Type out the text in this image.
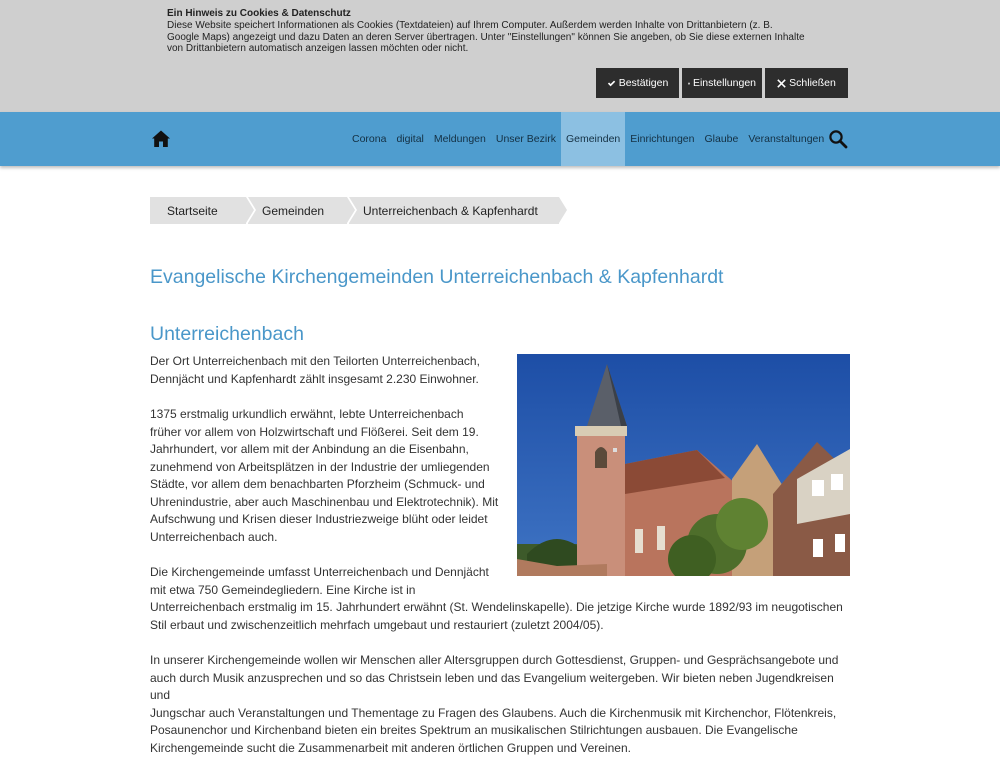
Ein Hinweis zu Cookies & Datenschutz
Diese Website speichert Informationen als Cookies (Textdateien) auf Ihrem Computer. Außerdem werden Inhalte von Drittanbietern (z. B.
Google Maps) angezeigt und dazu Daten an deren Server übertragen. Unter "Einstellungen" können Sie angeben, ob Sie diese externen Inhalte
von Drittanbietern automatisch anzeigen lassen möchten oder nicht.
Bestätigen Einstellungen	Schließen
Corona digital Meldungen Unser Bezirk Gemeinden Einrichtungen Glaube Veranstaltungen
Startseite	Gemeinden	Unterreichenbach & Kapfenhardt
Evangelische Kirchengemeinden Unterreichenbach & Kapfenhardt
Unterreichenbach
Der Ort Unterreichenbach mit den Teilorten Unterreichenbach,
Dennjächt und Kapfenhardt zählt insgesamt 2.230 Einwohner.
1375 erstmalig urkundlich erwähnt, lebte Unterreichenbach
früher vor allem von Holzwirtschaft und Flößerei. Seit dem 19.
Jahrhundert, vor allem mit der Anbindung an die Eisenbahn,
zunehmend von Arbeitsplätzen in der Industrie der umliegenden
Städte, vor allem dem benachbarten Pforzheim (Schmuck- und
Uhrenindustrie, aber auch Maschinenbau und Elektrotechnik). Mit
Aufschwung und Krisen dieser Industriezweige blüht oder leidet
Unterreichenbach auch.
Die Kirchengemeinde umfasst Unterreichenbach und Dennjächt
mit etwa 750 Gemeindegliedern. Eine Kirche ist in
Unterreichenbach erstmalig im 15. Jahrhundert erwähnt (St. Wendelinskapelle). Die jetzige Kirche wurde 1892/93 im neugotischen
Stil erbaut und zwischenzeitlich mehrfach umgebaut und restauriert (zuletzt 2004/05).
In unserer Kirchengemeinde wollen wir Menschen aller Altersgruppen durch Gottesdienst, Gruppen- und Gesprächsangebote und
auch durch Musik anzusprechen und so das Christsein leben und das Evangelium weitergeben. Wir bieten neben Jugendkreisen und
Jungschar auch Veranstaltungen und Thementage zu Fragen des Glaubens. Auch die Kirchenmusik mit Kirchenchor, Flötenkreis,
Posaunenchor und Kirchenband bieten ein breites Spektrum an musikalischen Stilrichtungen ausbauen. Die Evangelische
Kirchengemeinde sucht die Zusammenarbeit mit anderen örtlichen Gruppen und Vereinen.
